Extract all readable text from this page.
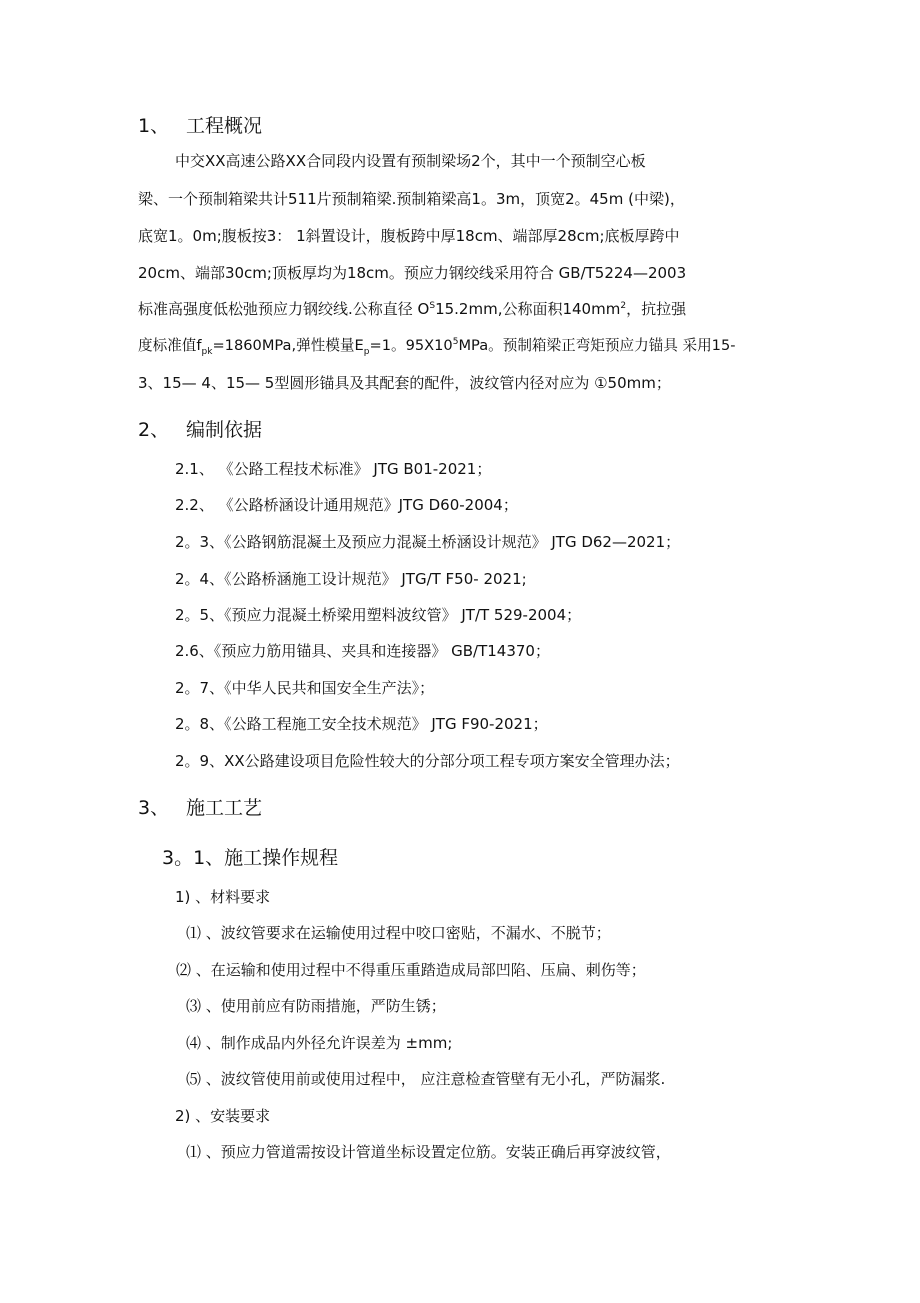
1、 工程概况
中交XX高速公路XX合同段内设置有预制梁场2个，其中一个预制空心板
梁、一个预制箱梁共计511片预制箱梁.预制箱梁高1。3m，顶宽2。45m (中梁)，
底宽1。0m;腹板按3： 1斜置设计，腹板跨中厚18cm、端部厚28cm;底板厚跨中
20cm、端部30cm;顶板厚均为18cm。预应力钢绞线采用符合 GB/T5224—2003
标准高强度低松弛预应力钢绞线.公称直径 $O^S15.2mm$,公称面积$140mm^2$，抗拉强
度标准值$f_{pk}=1860MPa$,弹性模量$E_p=1$。$95X10^5MPa$。预制箱梁正弯矩预应力锚具 采用15-
3、15— 4、15— 5型圆形锚具及其配套的配件，波纹管内径对应为 ①50mm；
2、 编制依据
2.1、 《公路工程技术标准》 JTG B01-2021；
2.2、 《公路桥涵设计通用规范》JTG D60-2004；
2。3、《公路钢筋混凝土及预应力混凝土桥涵设计规范》 JTG D62—2021；
2。4、《公路桥涵施工设计规范》 JTG/T F50- 2021;
2。5、《预应力混凝土桥梁用塑料波纹管》 JT/T 529-2004；
2.6、《预应力筋用锚具、夹具和连接器》 GB/T14370；
2。7、《中华人民共和国安全生产法》；
2。8、《公路工程施工安全技术规范》 JTG F90-2021；
2。9、XX公路建设项目危险性较大的分部分项工程专项方案安全管理办法；
3、 施工工艺
3。1、施工操作规程
1) 、材料要求
⑴ 、波纹管要求在运输使用过程中咬口密贴，不漏水、不脱节；
⑵ 、在运输和使用过程中不得重压重踏造成局部凹陷、压扁、刺伤等；
⑶ 、使用前应有防雨措施，严防生锈；
⑷ 、制作成品内外径允许误差为 ±mm;
⑸ 、波纹管使用前或使用过程中， 应注意检查管壁有无小孔，严防漏浆.
2) 、安装要求
⑴ 、预应力管道需按设计管道坐标设置定位筋。安装正确后再穿波纹管，
